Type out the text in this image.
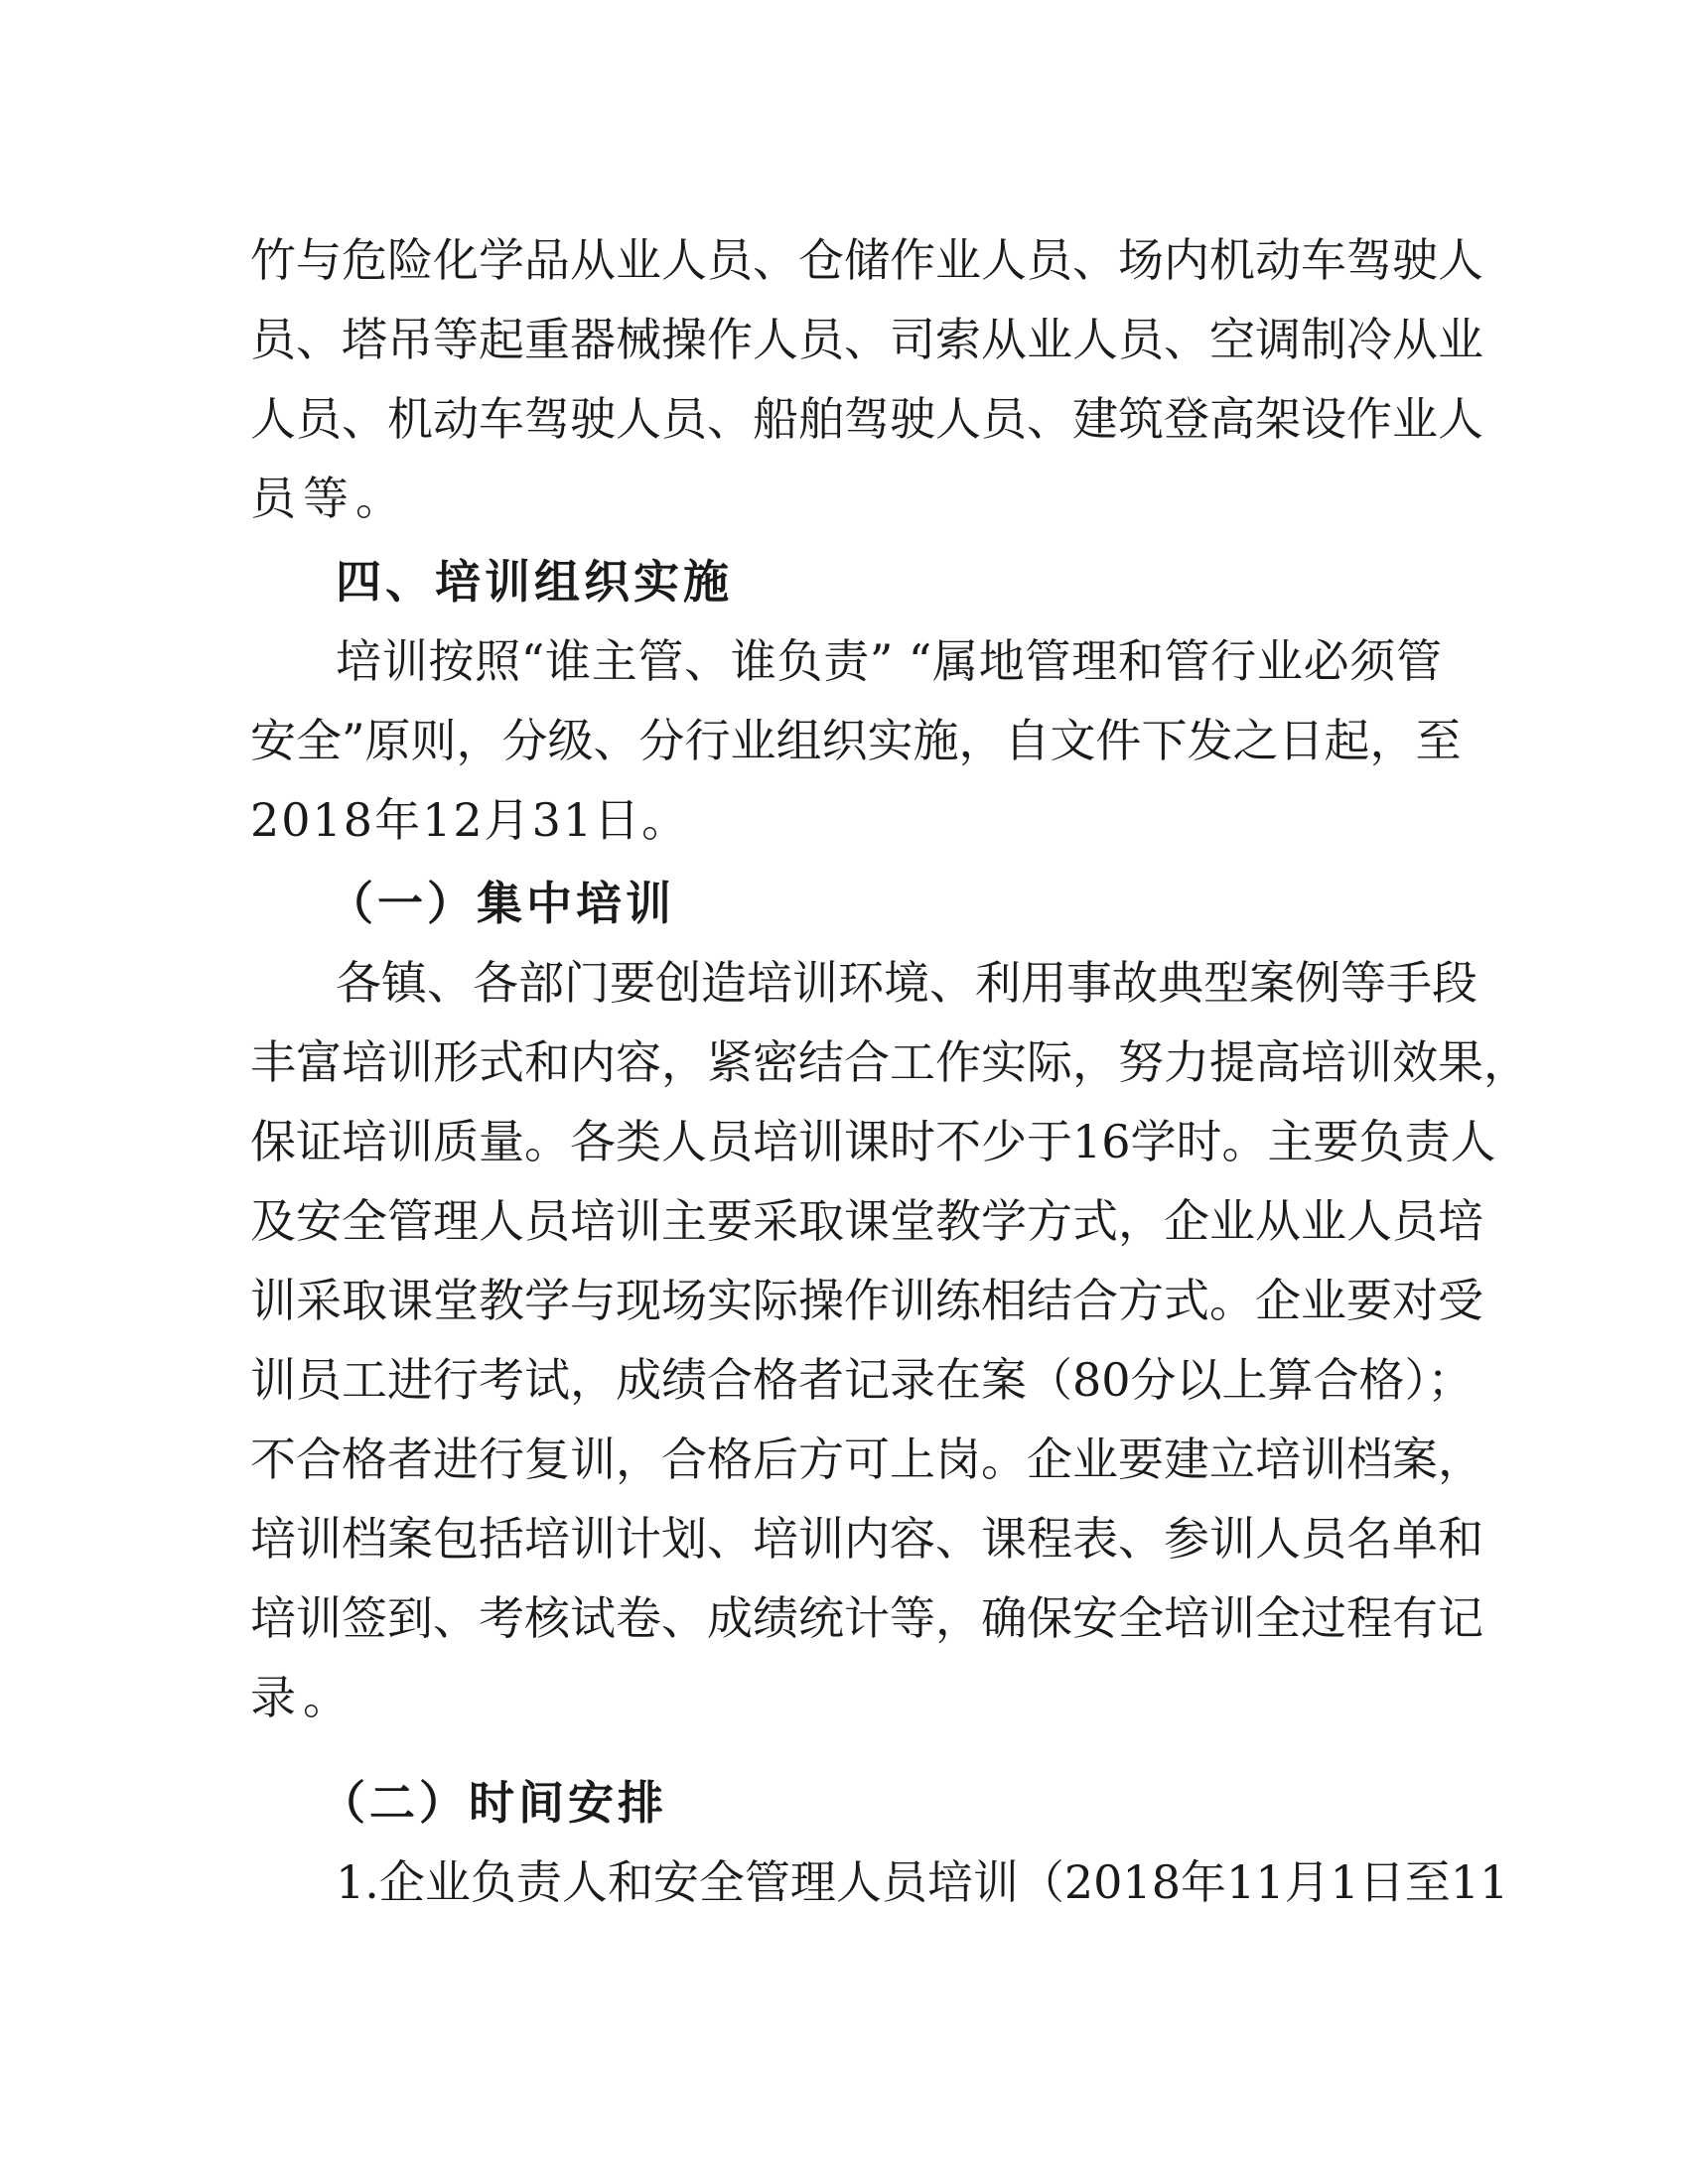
竹与危险化学品从业人员、仓储作业人员、场内机动车驾驶人
员、塔吊等起重器械操作人员、司索从业人员、空调制冷从业
人员、机动车驾驶人员、船舶驾驶人员、建筑登高架设作业人
员等。
四、培训组织实施
培训按照“谁主管、谁负责” “属地管理和管行业必须管
安全”原则，分级、分行业组织实施，自文件下发之日起，至
2018年12月31日。
（一）集中培训
各镇、各部门要创造培训环境、利用事故典型案例等手段
丰富培训形式和内容，紧密结合工作实际，努力提高培训效果，
保证培训质量。各类人员培训课时不少于16学时。主要负责人
及安全管理人员培训主要采取课堂教学方式，企业从业人员培
训采取课堂教学与现场实际操作训练相结合方式。企业要对受
训员工进行考试，成绩合格者记录在案（80分以上算合格）；
不合格者进行复训，合格后方可上岗。企业要建立培训档案，
培训档案包括培训计划、培训内容、课程表、参训人员名单和
培训签到、考核试卷、成绩统计等，确保安全培训全过程有记
录。
（二）时间安排
1.企业负责人和安全管理人员培训（2018年11月1日至11
